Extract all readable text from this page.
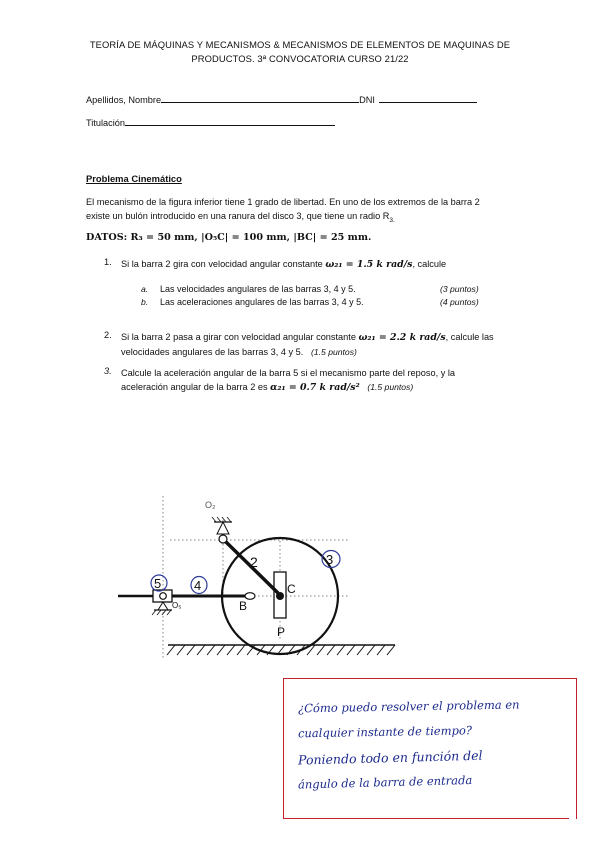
TEORÍA DE MÁQUINAS Y MECANISMOS & MECANISMOS DE ELEMENTOS DE MAQUINAS DE
PRODUCTOS. 3ª CONVOCATORIA CURSO 21/22
Apellidos, Nombre	DNI
Titulación
Problema Cinemático
El mecanismo de la figura inferior tiene 1 grado de libertad. En uno de los extremos de la barra 2
existe un bulón introducido en una ranura del disco 3, que tiene un radio $R_{3.}$
DATOS: R₃ = 50 mm, |O₅C| = 100 mm, |BC| = 25 mm.
1. Si la barra 2 gira con velocidad angular constante ω₂₁ = 1.5 k rad/s, calcule
a. Las velocidades angulares de las barras 3, 4 y 5.	(3 puntos)
b. Las aceleraciones angulares de las barras 3, 4 y 5.	(4 puntos)
2. Si la barra 2 pasa a girar con velocidad angular constante ω₂₁ = 2.2 k rad/s, calcule las
velocidades angulares de las barras 3, 4 y 5. (1.5 puntos)
3. Calcule la aceleración angular de la barra 5 si el mecanismo parte del reposo, y la
aceleración angular de la barra 2 es α₂₁ = 0.7 k rad/s² (1.5 puntos)
O₂
2	3
4
5
O₅
C
B
P
¿Cómo puedo resolver el problema en
cualquier instante de tiempo?
Poniendo todo en función del
ángulo de la barra de entrada
